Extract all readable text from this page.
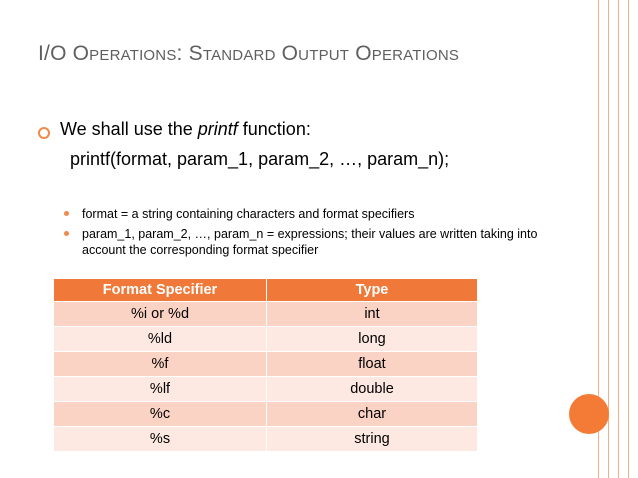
I/O Operations: Standard Output Operations
We shall use the printf function:
printf(format, param_1, param_2, …, param_n);
format = a string containing characters and format specifiers
param_1, param_2, …, param_n = expressions; their values are written taking into account the corresponding format specifier
Format Specifier	Type
%i or %d	int
%ld	long
%f	float
%lf	double
%c	char
%s	string
